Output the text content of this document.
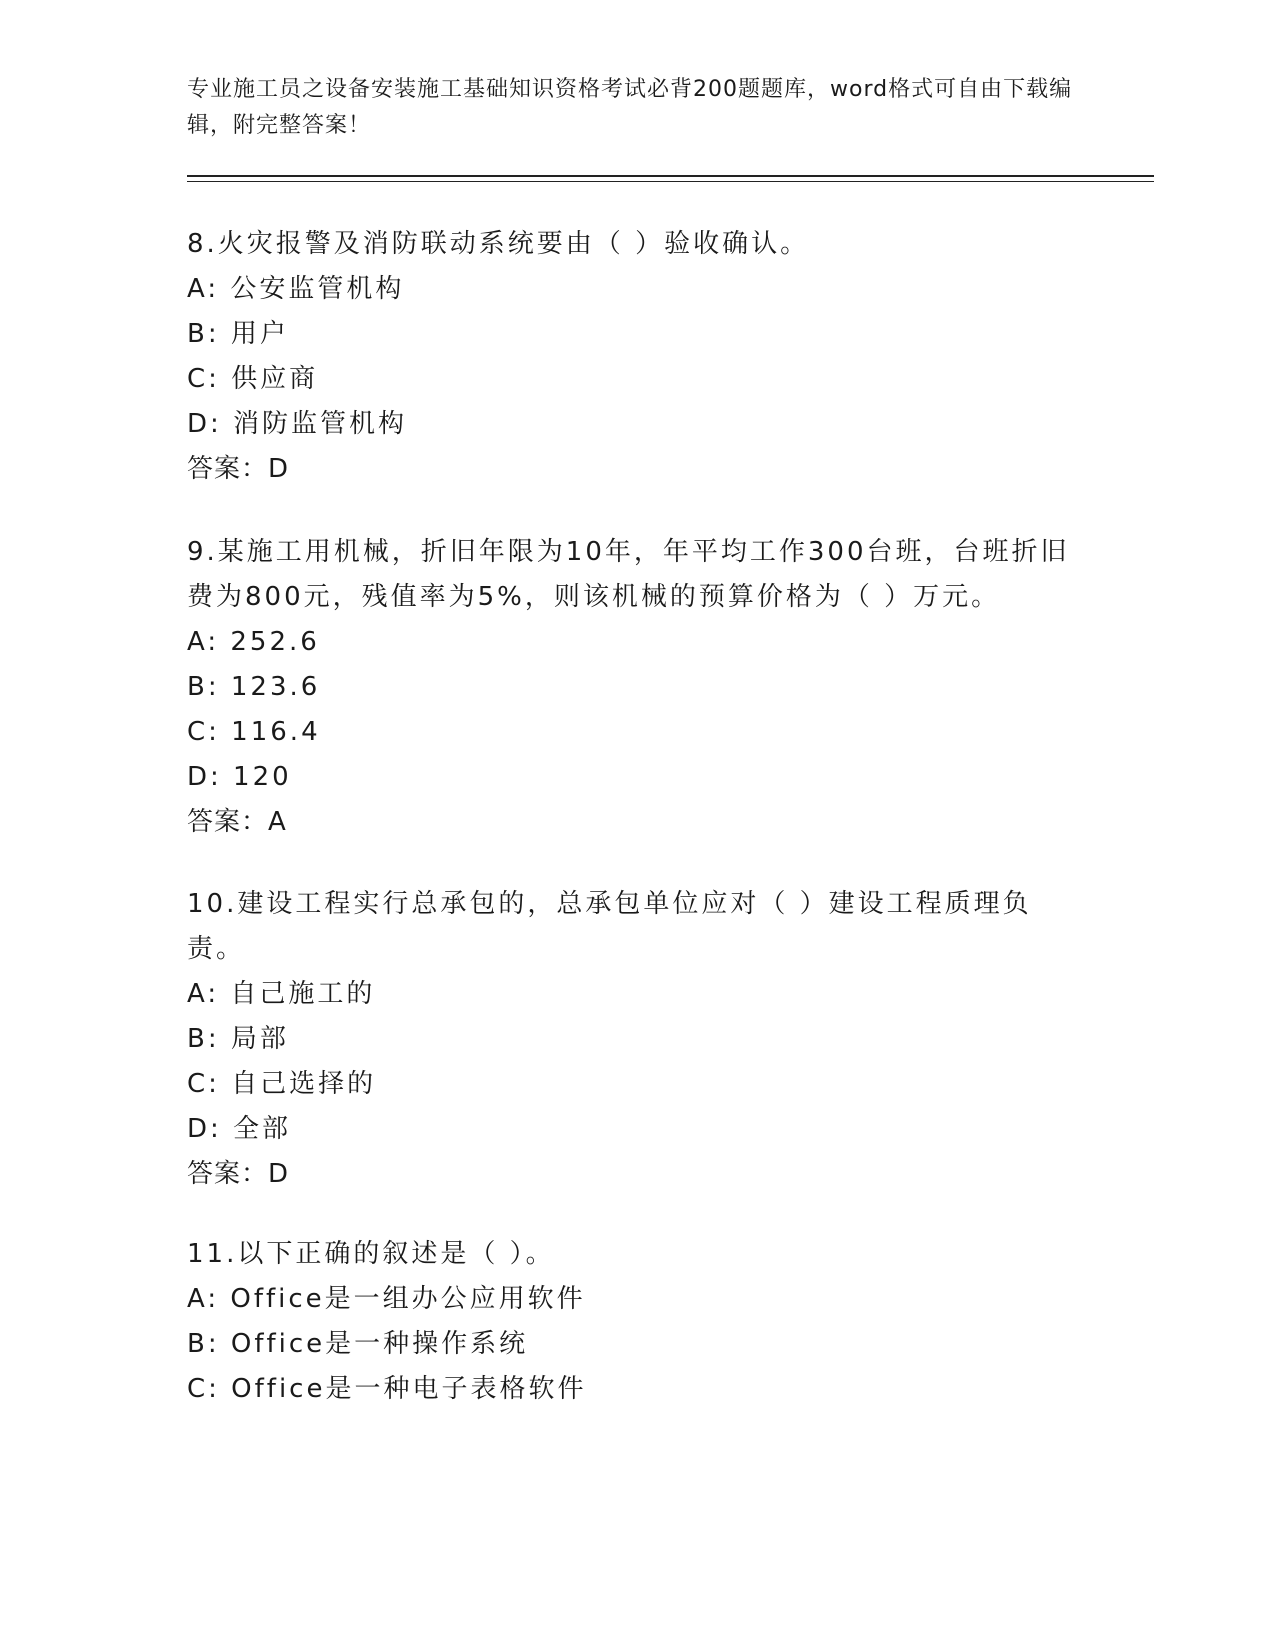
专业施工员之设备安装施工基础知识资格考试必背200题题库，word格式可自由下载编辑，附完整答案！
8.火灾报警及消防联动系统要由（ ）验收确认。
A: 公安监管机构
B: 用户
C: 供应商
D: 消防监管机构
答案：D
9.某施工用机械，折旧年限为10年，年平均工作300台班，台班折旧费为800元，残值率为5%，则该机械的预算价格为（ ）万元。
A: 252.6
B: 123.6
C: 116.4
D: 120
答案：A
10.建设工程实行总承包的，总承包单位应对（ ）建设工程质理负责。
A: 自己施工的
B: 局部
C: 自己选择的
D: 全部
答案：D
11.以下正确的叙述是（ ）。
A: Office是一组办公应用软件
B: Office是一种操作系统
C: Office是一种电子表格软件
